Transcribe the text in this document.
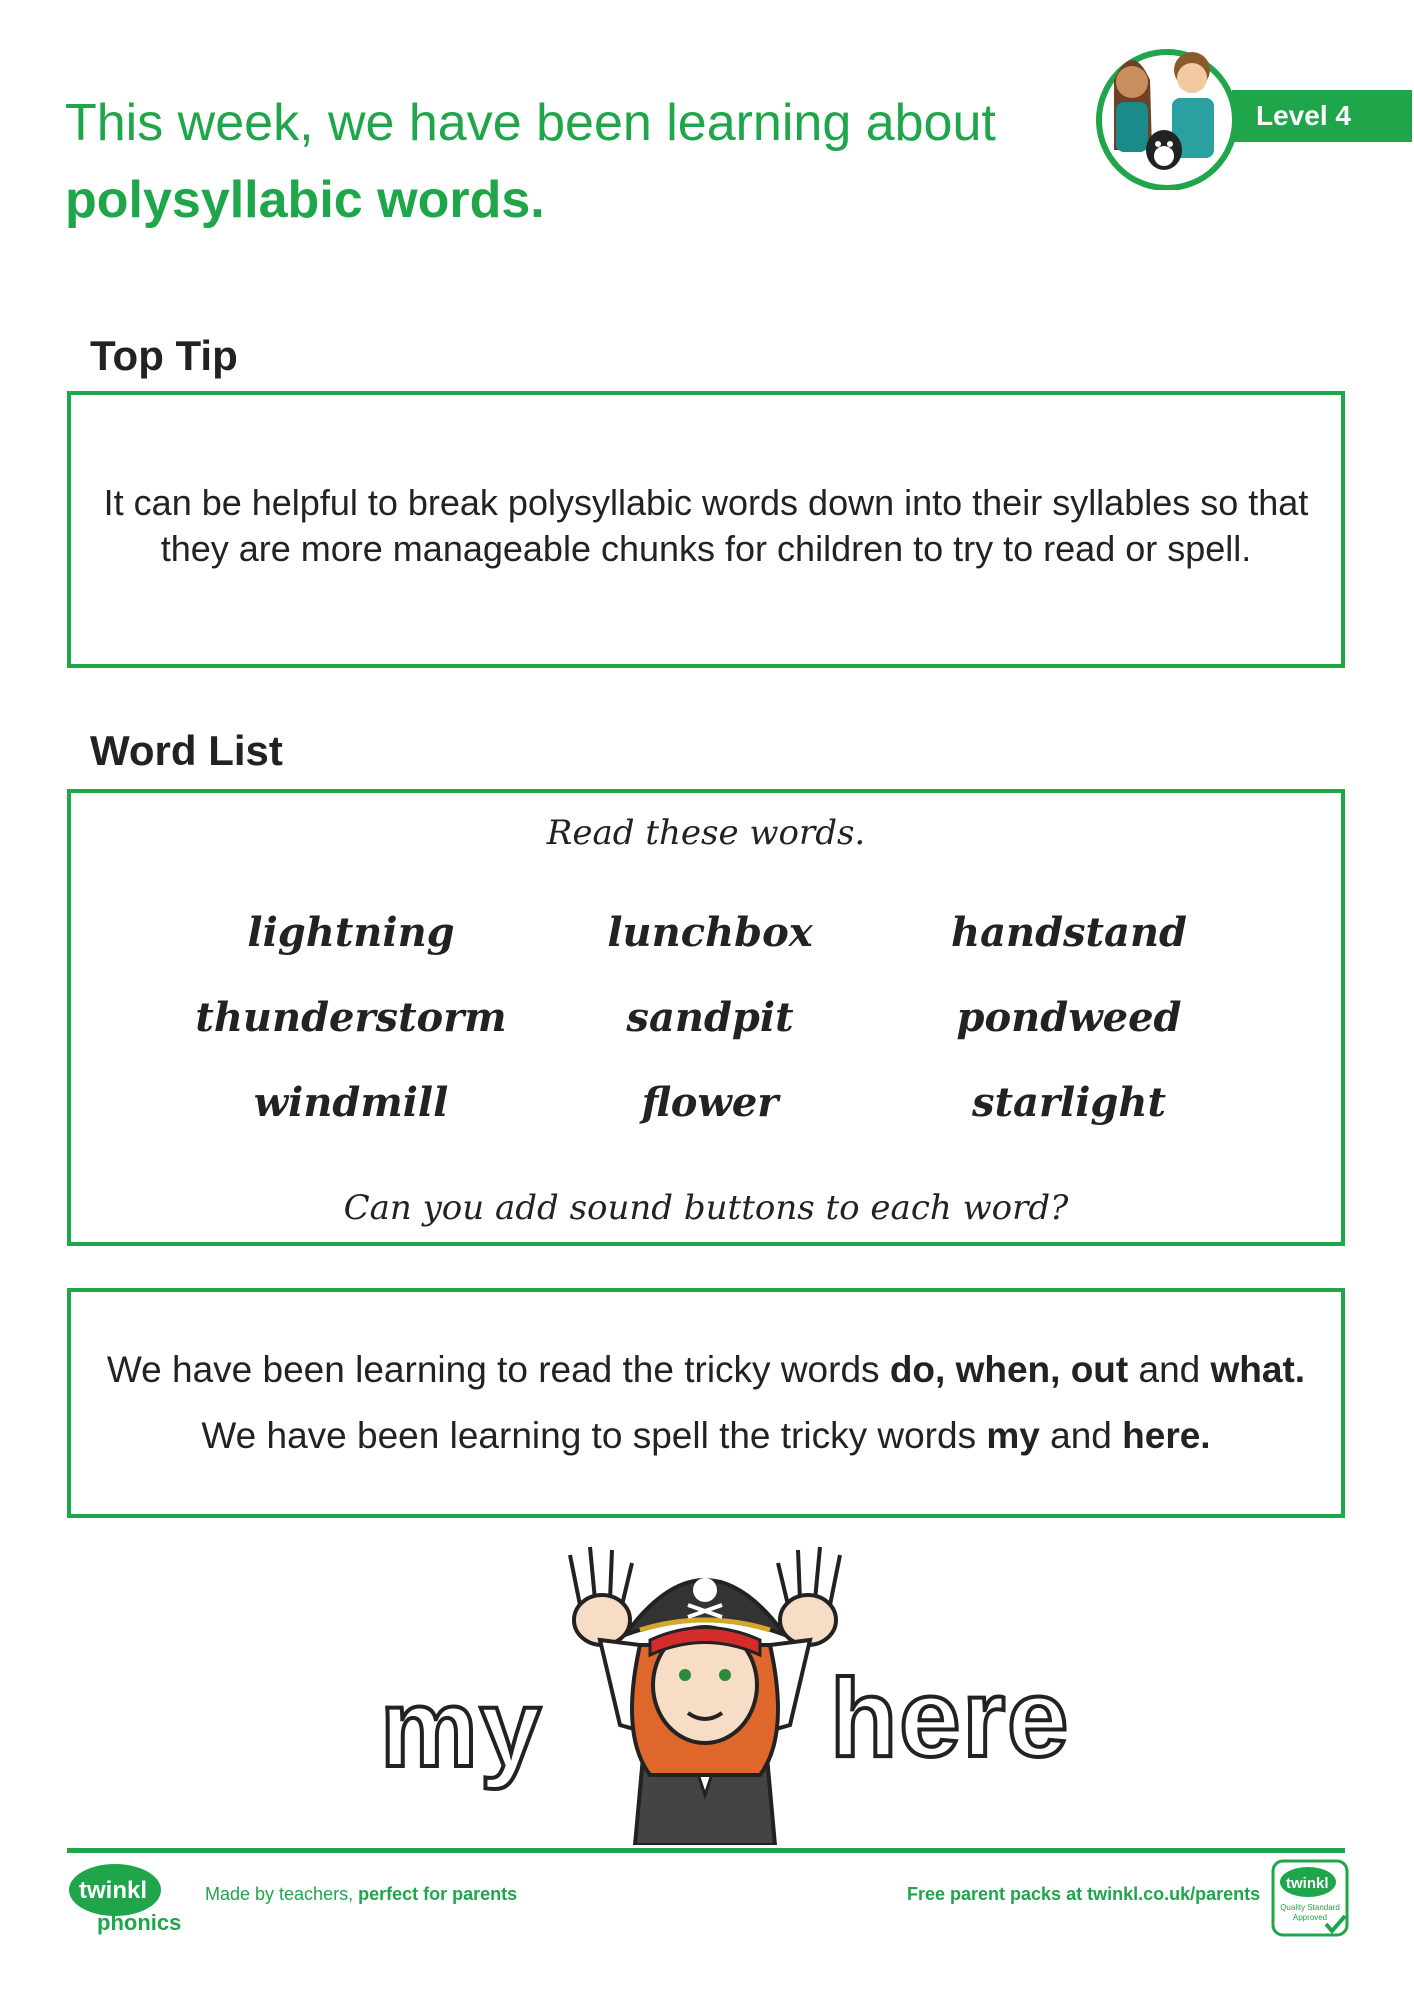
This week, we have been learning about
polysyllabic words.
Level 4
Top Tip
It can be helpful to break polysyllabic words down into their syllables so that they are more manageable chunks for children to try to read or spell.
Word List
Read these words.
lightning	lunchbox	handstand
thunderstorm	sandpit	pondweed
windmill	flower	starlight
Can you add sound buttons to each word?
We have been learning to read the tricky words do, when, out and what.
We have been learning to spell the tricky words my and here.
my	here
twinkl
phonics
Made by teachers, perfect for parents	Free parent packs at twinkl.co.uk/parents
twinkl
Quality Standard
Approved
